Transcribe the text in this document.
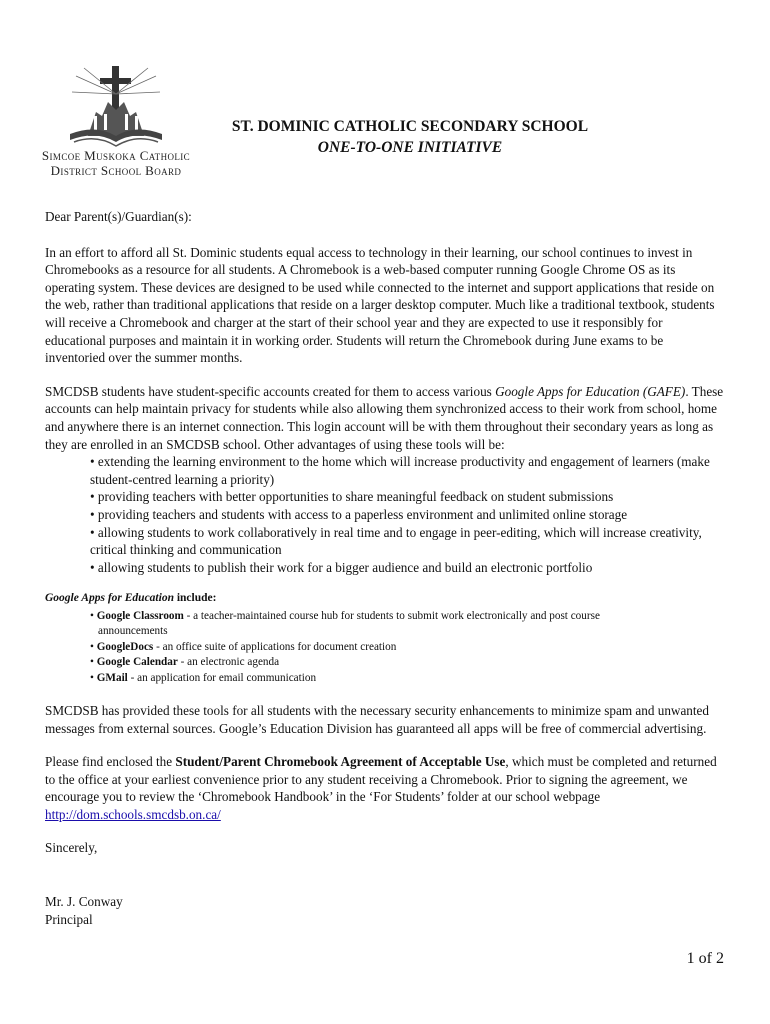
Simcoe Muskoka Catholic
District School Board
ST. DOMINIC CATHOLIC SECONDARY SCHOOL
ONE-TO-ONE INITIATIVE

Dear Parent(s)/Guardian(s):

In an effort to afford all St. Dominic students equal access to technology in their learning, our school continues to invest in Chromebooks as a resource for all students. A Chromebook is a web-based computer running Google Chrome OS as its operating system. These devices are designed to be used while connected to the internet and support applications that reside on the web, rather than traditional applications that reside on a larger desktop computer. Much like a traditional textbook, students will receive a Chromebook and charger at the start of their school year and they are expected to use it responsibly for educational purposes and maintain it in working order. Students will return the Chromebook during June exams to be inventoried over the summer months.

SMCDSB students have student-specific accounts created for them to access various Google Apps for Education (GAFE). These accounts can help maintain privacy for students while also allowing them synchronized access to their work from school, home and anywhere there is an internet connection. This login account will be with them throughout their secondary years as long as they are enrolled in an SMCDSB school. Other advantages of using these tools will be:

• extending the learning environment to the home which will increase productivity and engagement of learners (make student-centred learning a priority)
• providing teachers with better opportunities to share meaningful feedback on student submissions
• providing teachers and students with access to a paperless environment and unlimited online storage
• allowing students to work collaboratively in real time and to engage in peer-editing, which will increase creativity, critical thinking and communication
• allowing students to publish their work for a bigger audience and build an electronic portfolio

Google Apps for Education include:

• Google Classroom - a teacher-maintained course hub for students to submit work electronically and post course
announcements
• GoogleDocs - an office suite of applications for document creation
• Google Calendar - an electronic agenda
• GMail - an application for email communication

SMCDSB has provided these tools for all students with the necessary security enhancements to minimize spam and unwanted messages from external sources. Google’s Education Division has guaranteed all apps will be free of commercial advertising.

Please find enclosed the Student/Parent Chromebook Agreement of Acceptable Use, which must be completed and returned to the office at your earliest convenience prior to any student receiving a Chromebook. Prior to signing the agreement, we encourage you to review the ‘Chromebook Handbook’ in the ‘For Students’ folder at our school webpage http://dom.schools.smcdsb.on.ca/

Sincerely,

Mr. J. Conway

Principal

1 of 2
